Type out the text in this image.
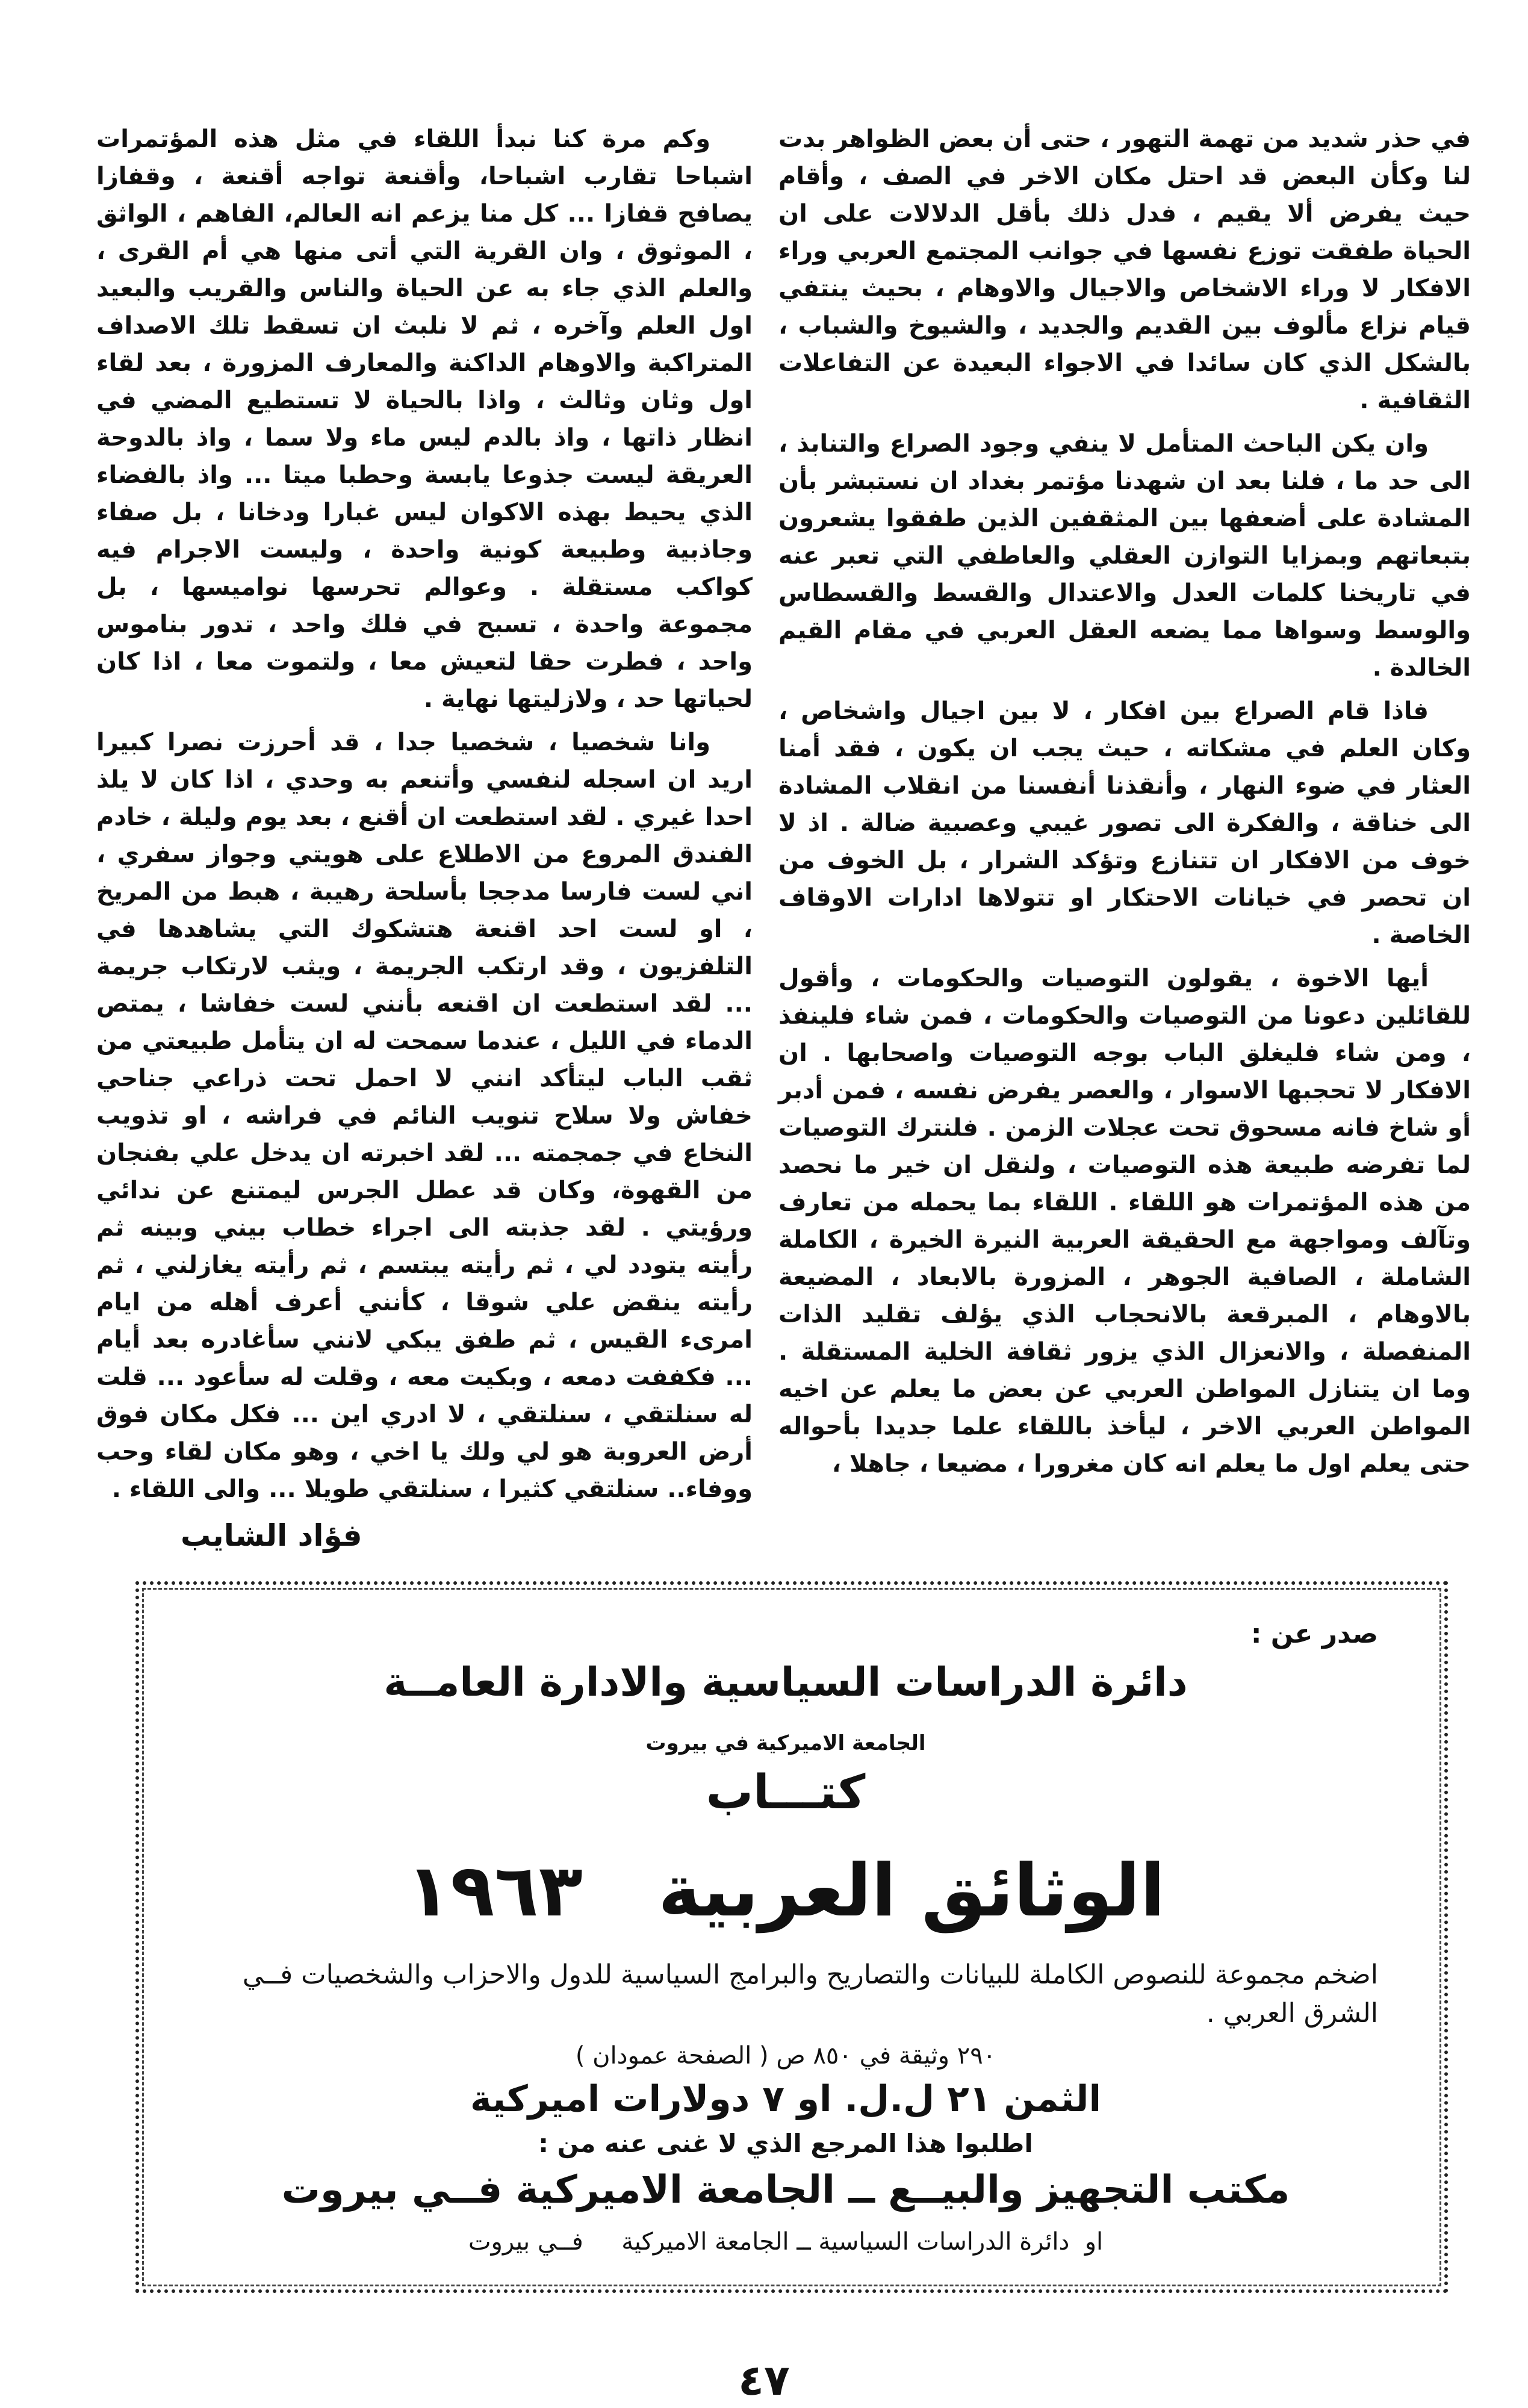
في حذر شديد من تهمة التهور ، حتى أن بعض الظواهر بدت لنا وكأن البعض قد احتل مكان الاخر في الصف ، وأقام حيث يفرض ألا يقيم ، فدل ذلك بأقل الدلالات على ان الحياة طفقت توزع نفسها في جوانب المجتمع العربي وراء الافكار لا وراء الاشخاص والاجيال والاوهام ، بحيث ينتفي قيام نزاع مألوف بين القديم والجديد ، والشيوخ والشباب ، بالشكل الذي كان سائدا في الاجواء البعيدة عن التفاعلات الثقافية .

وان يكن الباحث المتأمل لا ينفي وجود الصراع والتنابذ ، الى حد ما ، فلنا بعد ان شهدنا مؤتمر بغداد ان نستبشر بأن المشادة على أضعفها بين المثقفين الذين طفقوا يشعرون بتبعاتهم وبمزايا التوازن العقلي والعاطفي التي تعبر عنه في تاريخنا كلمات العدل والاعتدال والقسط والقسطاس والوسط وسواها مما يضعه العقل العربي في مقام القيم الخالدة .

فاذا قام الصراع بين افكار ، لا بين اجيال واشخاص ، وكان العلم في مشكاته ، حيث يجب ان يكون ، فقد أمنا العثار في ضوء النهار ، وأنقذنا أنفسنا من انقلاب المشادة الى خناقة ، والفكرة الى تصور غيبي وعصبية ضالة . اذ لا خوف من الافكار ان تتنازع وتؤكد الشرار ، بل الخوف من ان تحصر في خيانات الاحتكار او تتولاها ادارات الاوقاف الخاصة .

أيها الاخوة ، يقولون التوصيات والحكومات ، وأقول للقائلين دعونا من التوصيات والحكومات ، فمن شاء فلينفذ ، ومن شاء فليغلق الباب بوجه التوصيات واصحابها . ان الافكار لا تحجبها الاسوار ، والعصر يفرض نفسه ، فمن أدبر أو شاخ فانه مسحوق تحت عجلات الزمن . فلنترك التوصيات لما تفرضه طبيعة هذه التوصيات ، ولنقل ان خير ما نحصد من هذه المؤتمرات هو اللقاء . اللقاء بما يحمله من تعارف وتآلف ومواجهة مع الحقيقة العربية النيرة الخيرة ، الكاملة الشاملة ، الصافية الجوهر ، المزورة بالابعاد ، المضيعة بالاوهام ، المبرقعة بالانحجاب الذي يؤلف تقليد الذات المنفصلة ، والانعزال الذي يزور ثقافة الخلية المستقلة . وما ان يتنازل المواطن العربي عن بعض ما يعلم عن اخيه المواطن العربي الاخر ، ليأخذ باللقاء علما جديدا بأحواله حتى يعلم اول ما يعلم انه كان مغرورا ، مضيعا ، جاهلا ،

وكم مرة كنا نبدأ اللقاء في مثل هذه المؤتمرات اشباحا تقارب اشباحا، وأقنعة تواجه أقنعة ، وقفازا يصافح قفازا ... كل منا يزعم انه العالم، الفاهم ، الواثق ، الموثوق ، وان القرية التي أتى منها هي أم القرى ، والعلم الذي جاء به عن الحياة والناس والقريب والبعيد اول العلم وآخره ، ثم لا نلبث ان تسقط تلك الاصداف المتراكبة والاوهام الداكنة والمعارف المزورة ، بعد لقاء اول وثان وثالث ، واذا بالحياة لا تستطيع المضي في انظار ذاتها ، واذ بالدم ليس ماء ولا سما ، واذ بالدوحة العريقة ليست جذوعا يابسة وحطبا ميتا ... واذ بالفضاء الذي يحيط بهذه الاكوان ليس غبارا ودخانا ، بل صفاء وجاذبية وطبيعة كونية واحدة ، وليست الاجرام فيه كواكب مستقلة . وعوالم تحرسها نواميسها ، بل مجموعة واحدة ، تسبح في فلك واحد ، تدور بناموس واحد ، فطرت حقا لتعيش معا ، ولتموت معا ، اذا كان لحياتها حد ، ولازليتها نهاية .

وانا شخصيا ، شخصيا جدا ، قد أحرزت نصرا كبيرا اريد ان اسجله لنفسي وأتنعم به وحدي ، اذا كان لا يلذ احدا غيري . لقد استطعت ان أقنع ، بعد يوم وليلة ، خادم الفندق المروع من الاطلاع على هويتي وجواز سفري ، اني لست فارسا مدججا بأسلحة رهيبة ، هبط من المريخ ، او لست احد اقنعة هتشكوك التي يشاهدها في التلفزيون ، وقد ارتكب الجريمة ، ويثب لارتكاب جريمة ... لقد استطعت ان اقنعه بأنني لست خفاشا ، يمتص الدماء في الليل ، عندما سمحت له ان يتأمل طبيعتي من ثقب الباب ليتأكد انني لا احمل تحت ذراعي جناحي خفاش ولا سلاح تنويب النائم في فراشه ، او تذويب النخاع في جمجمته ... لقد اخبرته ان يدخل علي بفنجان من القهوة، وكان قد عطل الجرس ليمتنع عن ندائي ورؤيتي . لقد جذبته الى اجراء خطاب بيني وبينه ثم رأيته يتودد لي ، ثم رأيته يبتسم ، ثم رأيته يغازلني ، ثم رأيته ينقض علي شوقا ، كأنني أعرف أهله من ايام امرىء القيس ، ثم طفق يبكي لانني سأغادره بعد أيام ... فكففت دمعه ، وبكيت معه ، وقلت له سأعود ... قلت له سنلتقي ، سنلتقي ، لا ادري اين ... فكل مكان فوق أرض العروبة هو لي ولك يا اخي ، وهو مكان لقاء وحب ووفاء.. سنلتقي كثيرا ، سنلتقي طويلا ... والى اللقاء .

فؤاد الشايب
صدر عن :
دائرة الدراسات السياسية والادارة العامــة
الجامعة الاميركية في بيروت
كتـــاب
الوثائق العربية   ١٩٦٣
اضخم مجموعة للنصوص الكاملة للبيانات والتصاريح والبرامج السياسية للدول والاحزاب والشخصيات فــي الشرق العربي .
٢٩٠ وثيقة في ٨٥٠ ص ( الصفحة عمودان )
الثمن ٢١ ل.ل. او ٧ دولارات اميركية
اطلبوا هذا المرجع الذي لا غنى عنه من :
مكتب التجهيز والبيــع ــ الجامعة الاميركية فــي بيروت
او  دائرة الدراسات السياسية ــ الجامعة الاميركية     فــي بيروت
٤٧
